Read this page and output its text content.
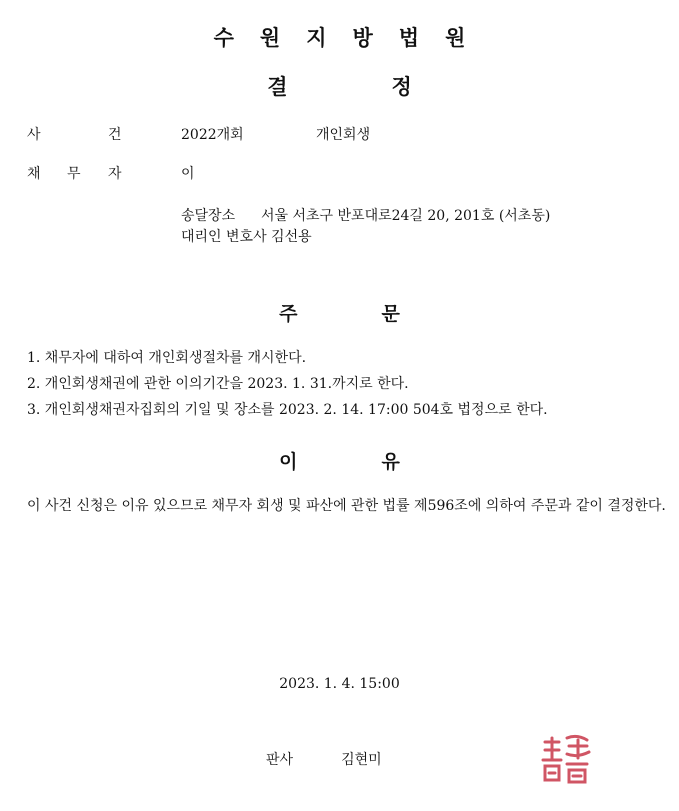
수 원 지 방 법 원
결	정
사	건	2022개회	개인회생
채 무 자	이
송달장소 서울 서초구 반포대로24길 20, 201호 (서초동)
대리인 변호사 김선용
주	문
1. 채무자에 대하여 개인회생절차를 개시한다.
2. 개인회생채권에 관한 이의기간을 2023. 1. 31.까지로 한다.
3. 개인회생채권자집회의 기일 및 장소를 2023. 2. 14. 17:00 504호 법정으로 한다.
이	유
이 사건 신청은 이유 있으므로 채무자 회생 및 파산에 관한 법률 제596조에 의하여 주문과 같이 결정한다.
2023. 1. 4. 15:00
판사	김현미
